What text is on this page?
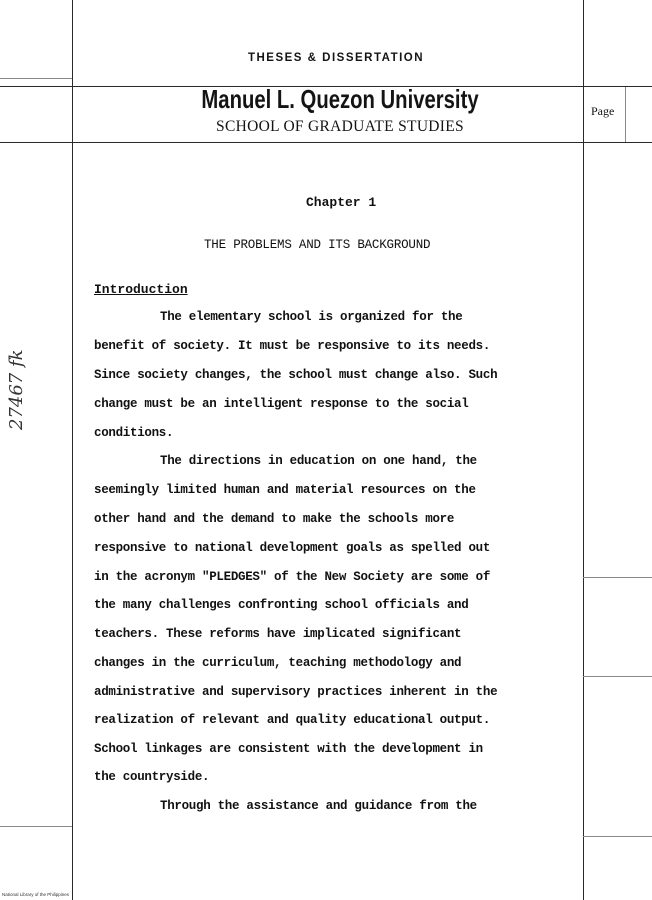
THESES & DISSERTATION
Manuel L. Quezon University
SCHOOL OF GRADUATE STUDIES
Page
Chapter 1
THE PROBLEMS AND ITS BACKGROUND
Introduction
The elementary school is organized for the
benefit of society. It must be responsive to its needs.
Since society changes, the school must change also. Such
change must be an intelligent response to the social
conditions.
The directions in education on one hand, the
seemingly limited human and material resources on the
other hand and the demand to make the schools more
responsive to national development goals as spelled out
in the acronym "PLEDGES" of the New Society are some of
the many challenges confronting school officials and
teachers. These reforms have implicated significant
changes in the curriculum, teaching methodology and
administrative and supervisory practices inherent in the
realization of relevant and quality educational output.
School linkages are consistent with the development in
the countryside.
Through the assistance and guidance from the
27467 fk
National Library of the Philippines
